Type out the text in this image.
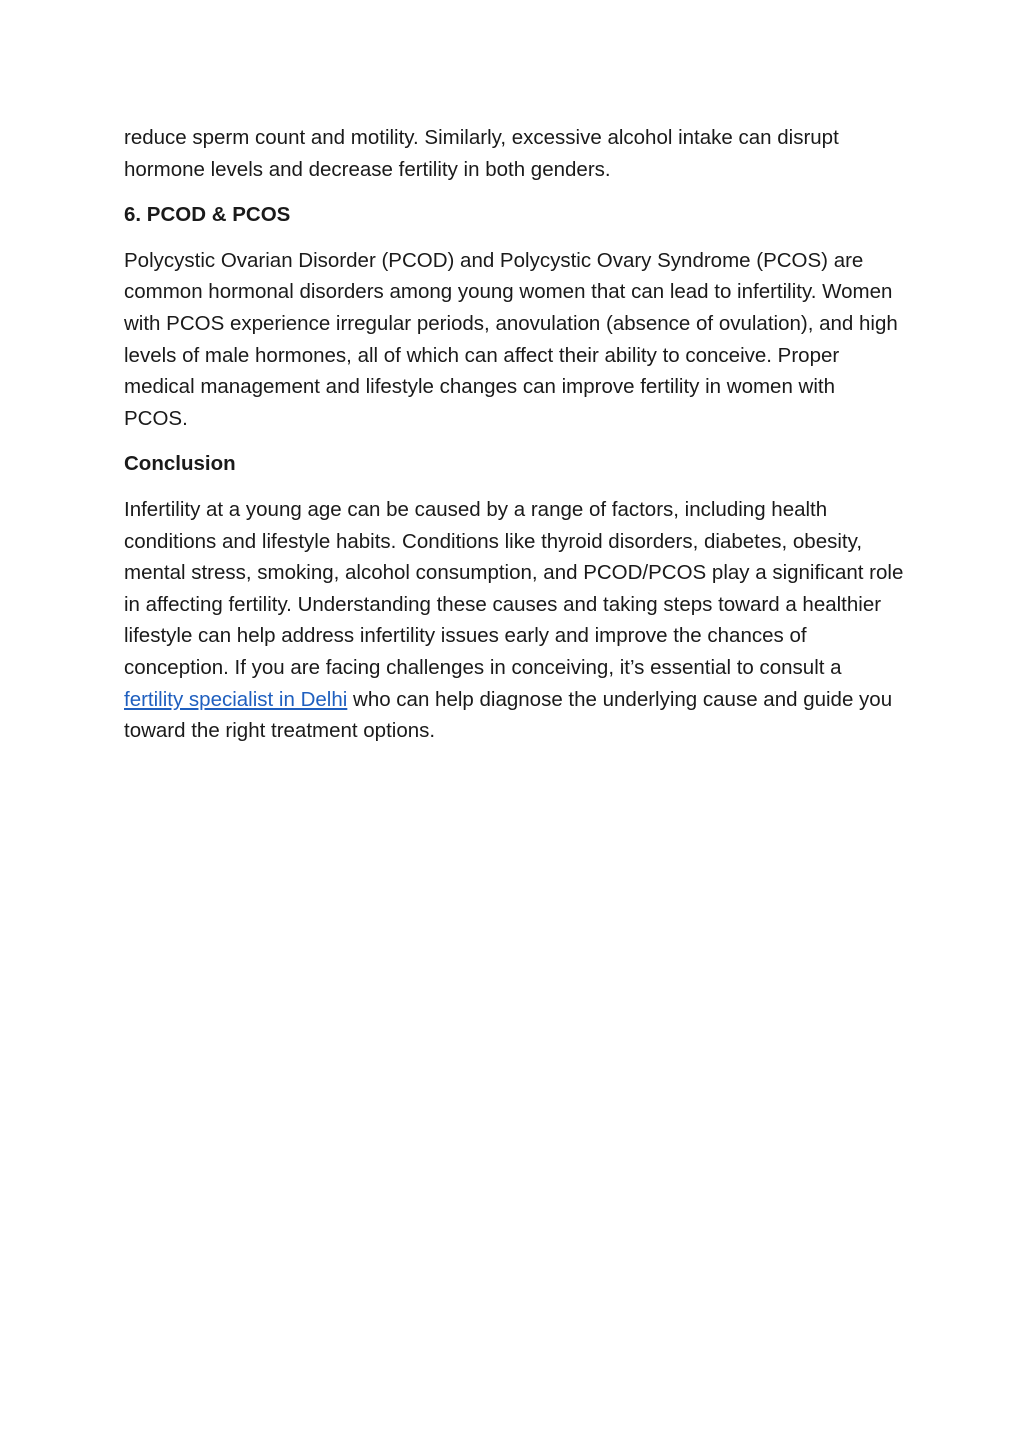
reduce sperm count and motility. Similarly, excessive alcohol intake can disrupt hormone levels and decrease fertility in both genders.

6. PCOD & PCOS

Polycystic Ovarian Disorder (PCOD) and Polycystic Ovary Syndrome (PCOS) are common hormonal disorders among young women that can lead to infertility. Women with PCOS experience irregular periods, anovulation (absence of ovulation), and high levels of male hormones, all of which can affect their ability to conceive. Proper medical management and lifestyle changes can improve fertility in women with PCOS.

Conclusion

Infertility at a young age can be caused by a range of factors, including health conditions and lifestyle habits. Conditions like thyroid disorders, diabetes, obesity, mental stress, smoking, alcohol consumption, and PCOD/PCOS play a significant role in affecting fertility. Understanding these causes and taking steps toward a healthier lifestyle can help address infertility issues early and improve the chances of conception. If you are facing challenges in conceiving, it’s essential to consult a fertility specialist in Delhi who can help diagnose the underlying cause and guide you toward the right treatment options.
